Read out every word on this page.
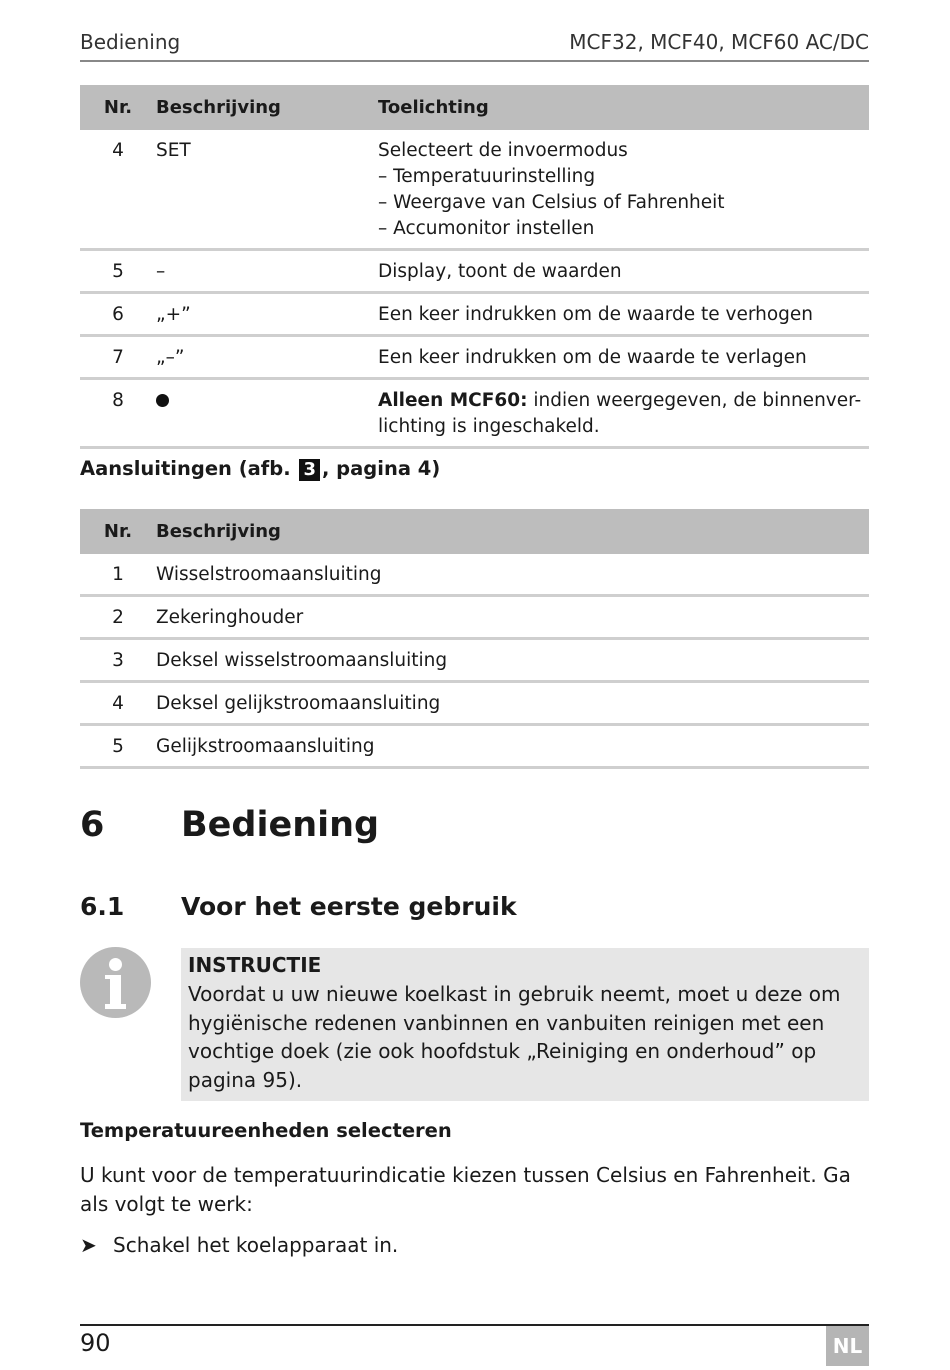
Bediening	MCF32, MCF40, MCF60 AC/DC
Nr.	Beschrijving	Toelichting

4	SET	Selecteert de invoermodus
– Temperatuurinstelling
– Weergave van Celsius of Fahrenheit
– Accumonitor instellen

5	–	Display, toont de waarden

6	„+”	Een keer indrukken om de waarde te verhogen

7	„–”	Een keer indrukken om de waarde te verlagen

8		Alleen MCF60: indien weergegeven, de binnenver-
lichting is ingeschakeld.
Aansluitingen (afb. 3 , pagina 4)
Nr.	Beschrijving

1	Wisselstroomaansluiting

2	Zekeringhouder

3	Deksel wisselstroomaansluiting

4	Deksel gelijkstroomaansluiting

5	Gelijkstroomaansluiting
6 Bediening
6.1 Voor het eerste gebruik
INSTRUCTIE
Voordat u uw nieuwe koelkast in gebruik neemt, moet u deze om hygiënische redenen vanbinnen en vanbuiten reinigen met een vochtige doek (zie ook hoofdstuk „Reiniging en onderhoud” op pagina 95).
Temperatuureenheden selecteren
U kunt voor de temperatuurindicatie kiezen tussen Celsius en Fahrenheit. Ga als volgt te werk:
➤ Schakel het koelapparaat in.
90	NL
